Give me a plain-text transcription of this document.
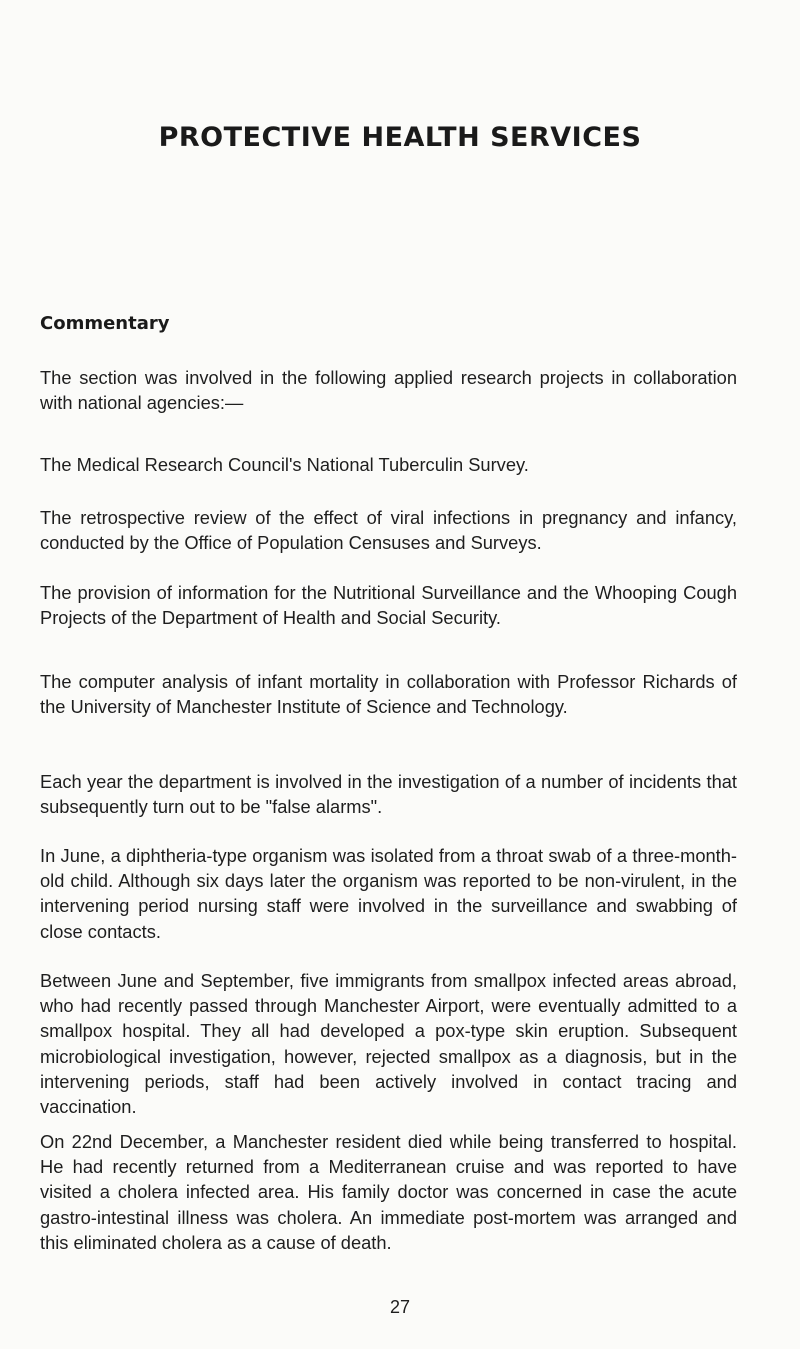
PROTECTIVE HEALTH SERVICES
Commentary

The section was involved in the following applied research projects in collaboration with national agencies:—

The Medical Research Council's National Tuberculin Survey.

The retrospective review of the effect of viral infections in pregnancy and infancy, conducted by the Office of Population Censuses and Surveys.

The provision of information for the Nutritional Surveillance and the Whooping Cough Projects of the Department of Health and Social Security.

The computer analysis of infant mortality in collaboration with Professor Richards of the University of Manchester Institute of Science and Technology.

Each year the department is involved in the investigation of a number of incidents that subsequently turn out to be "false alarms".

In June, a diphtheria-type organism was isolated from a throat swab of a three-month-old child. Although six days later the organism was reported to be non-virulent, in the intervening period nursing staff were involved in the surveillance and swabbing of close contacts.

Between June and September, five immigrants from smallpox infected areas abroad, who had recently passed through Manchester Airport, were eventually admitted to a smallpox hospital. They all had developed a pox-type skin eruption. Subsequent microbiological investigation, however, rejected smallpox as a diagnosis, but in the intervening periods, staff had been actively involved in contact tracing and vaccination.

On 22nd December, a Manchester resident died while being transferred to hospital. He had recently returned from a Mediterranean cruise and was reported to have visited a cholera infected area. His family doctor was concerned in case the acute gastro-intestinal illness was cholera. An immediate post-mortem was arranged and this eliminated cholera as a cause of death.

27
